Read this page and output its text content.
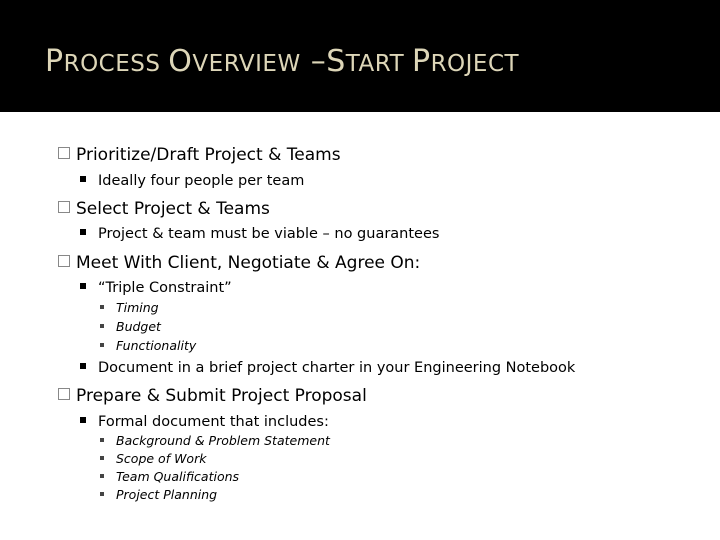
PROCESS OVERVIEW –START PROJECT
Prioritize/Draft Project & Teams
Ideally four people per team
Select Project & Teams
Project & team must be viable – no guarantees
Meet With Client, Negotiate & Agree On:
“Triple Constraint”
Timing
Budget
Functionality
Document in a brief project charter in your Engineering Notebook
Prepare & Submit Project Proposal
Formal document that includes:
Background & Problem Statement
Scope of Work
Team Qualifications
Project Planning
